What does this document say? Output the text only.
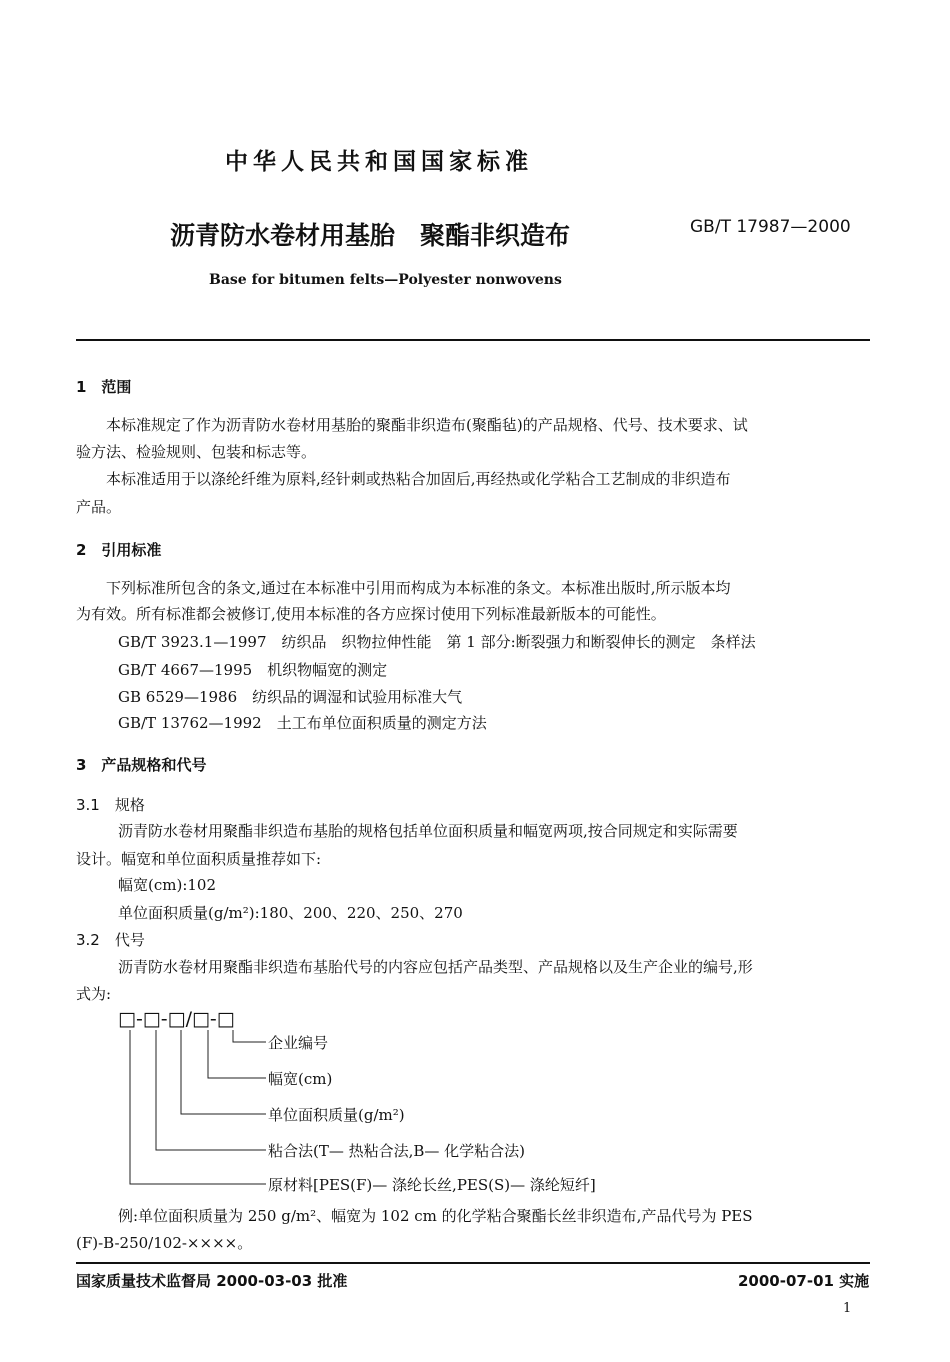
中华人民共和国国家标准
沥青防水卷材用基胎　聚酯非织造布	GB/T 17987—2000
Base for bitumen felts—Polyester nonwovens
1　范围
本标准规定了作为沥青防水卷材用基胎的聚酯非织造布(聚酯毡)的产品规格、代号、技术要求、试
验方法、检验规则、包装和标志等。
本标准适用于以涤纶纤维为原料,经针刺或热粘合加固后,再经热或化学粘合工艺制成的非织造布
产品。
2　引用标准
下列标准所包含的条文,通过在本标准中引用而构成为本标准的条文。本标准出版时,所示版本均
为有效。所有标准都会被修订,使用本标准的各方应探讨使用下列标准最新版本的可能性。
GB/T 3923.1—1997　纺织品　织物拉伸性能　第 1 部分:断裂强力和断裂伸长的测定　条样法
GB/T 4667—1995　机织物幅宽的测定
GB 6529—1986　纺织品的调湿和试验用标准大气
GB/T 13762—1992　土工布单位面积质量的测定方法
3　产品规格和代号
3.1　规格
沥青防水卷材用聚酯非织造布基胎的规格包括单位面积质量和幅宽两项,按合同规定和实际需要
设计。幅宽和单位面积质量推荐如下:
幅宽(cm):102
单位面积质量(g/m²):180、200、220、250、270
3.2　代号
沥青防水卷材用聚酯非织造布基胎代号的内容应包括产品类型、产品规格以及生产企业的编号,形
式为:
□-□-□/□-□
企业编号
幅宽(cm)
单位面积质量(g/m²)
粘合法(T— 热粘合法,B— 化学粘合法)
原材料[PES(F)— 涤纶长丝,PES(S)— 涤纶短纤]
例:单位面积质量为 250 g/m²、幅宽为 102 cm 的化学粘合聚酯长丝非织造布,产品代号为 PES
(F)-B-250/102-××××。
国家质量技术监督局 2000-03-03 批准	2000-07-01 实施
1
